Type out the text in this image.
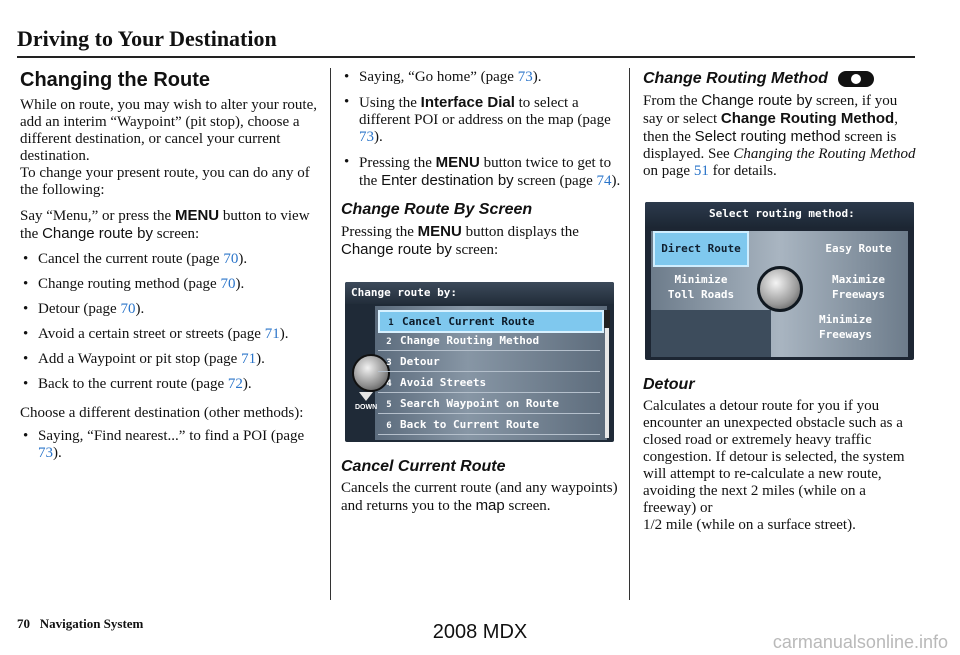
Driving to Your Destination
Changing the Route

While on route, you may wish to alter your route, add an interim “Waypoint” (pit stop), choose a different destination, or cancel your current destination.

To change your present route, you can do any of the following:

Say “Menu,” or press the MENU button to view the Change route by screen:

• Cancel the current route (page 70).
• Change routing method (page 70).
• Detour (page 70).
• Avoid a certain street or streets (page 71).
• Add a Waypoint or pit stop (page 71).
• Back to the current route (page 72).

Choose a different destination (other methods):

• Saying, “Find nearest...” to find a POI (page 73).
• Saying, “Go home” (page 73).
• Using the Interface Dial to select a different POI or address on the map (page 73).
• Pressing the MENU button twice to get to the Enter destination by screen (page 74).
Change Route By Screen

Pressing the MENU button displays the Change route by screen:

Change route by:
DOWN
Cancel Current Route

Cancels the current route (and any waypoints) and returns you to the map screen.

Change Routing Method

From the Change route by screen, if you say or select Change Routing Method, then the Select routing method screen is displayed. See Changing the Routing Method on page 51 for details.

Select routing method:
Direct Route	Easy Route
Minimize
Toll Roads
Maximize
Freeways
Minimize
Freeways
Detour

Calculates a detour route for you if you encounter an unexpected obstacle such as a closed road or extremely heavy traffic congestion. If detour is selected, the system will attempt to re-calculate a new route, avoiding the next 2 miles (while on a freeway) or

1/2 mile (while on a surface street).

70 Navigation System	2008 MDX	carmanualsonline.info
1 Cancel Current Route
2 Change Routing Method
3 Detour
4 Avoid Streets
5 Search Waypoint on Route
6 Back to Current Route
